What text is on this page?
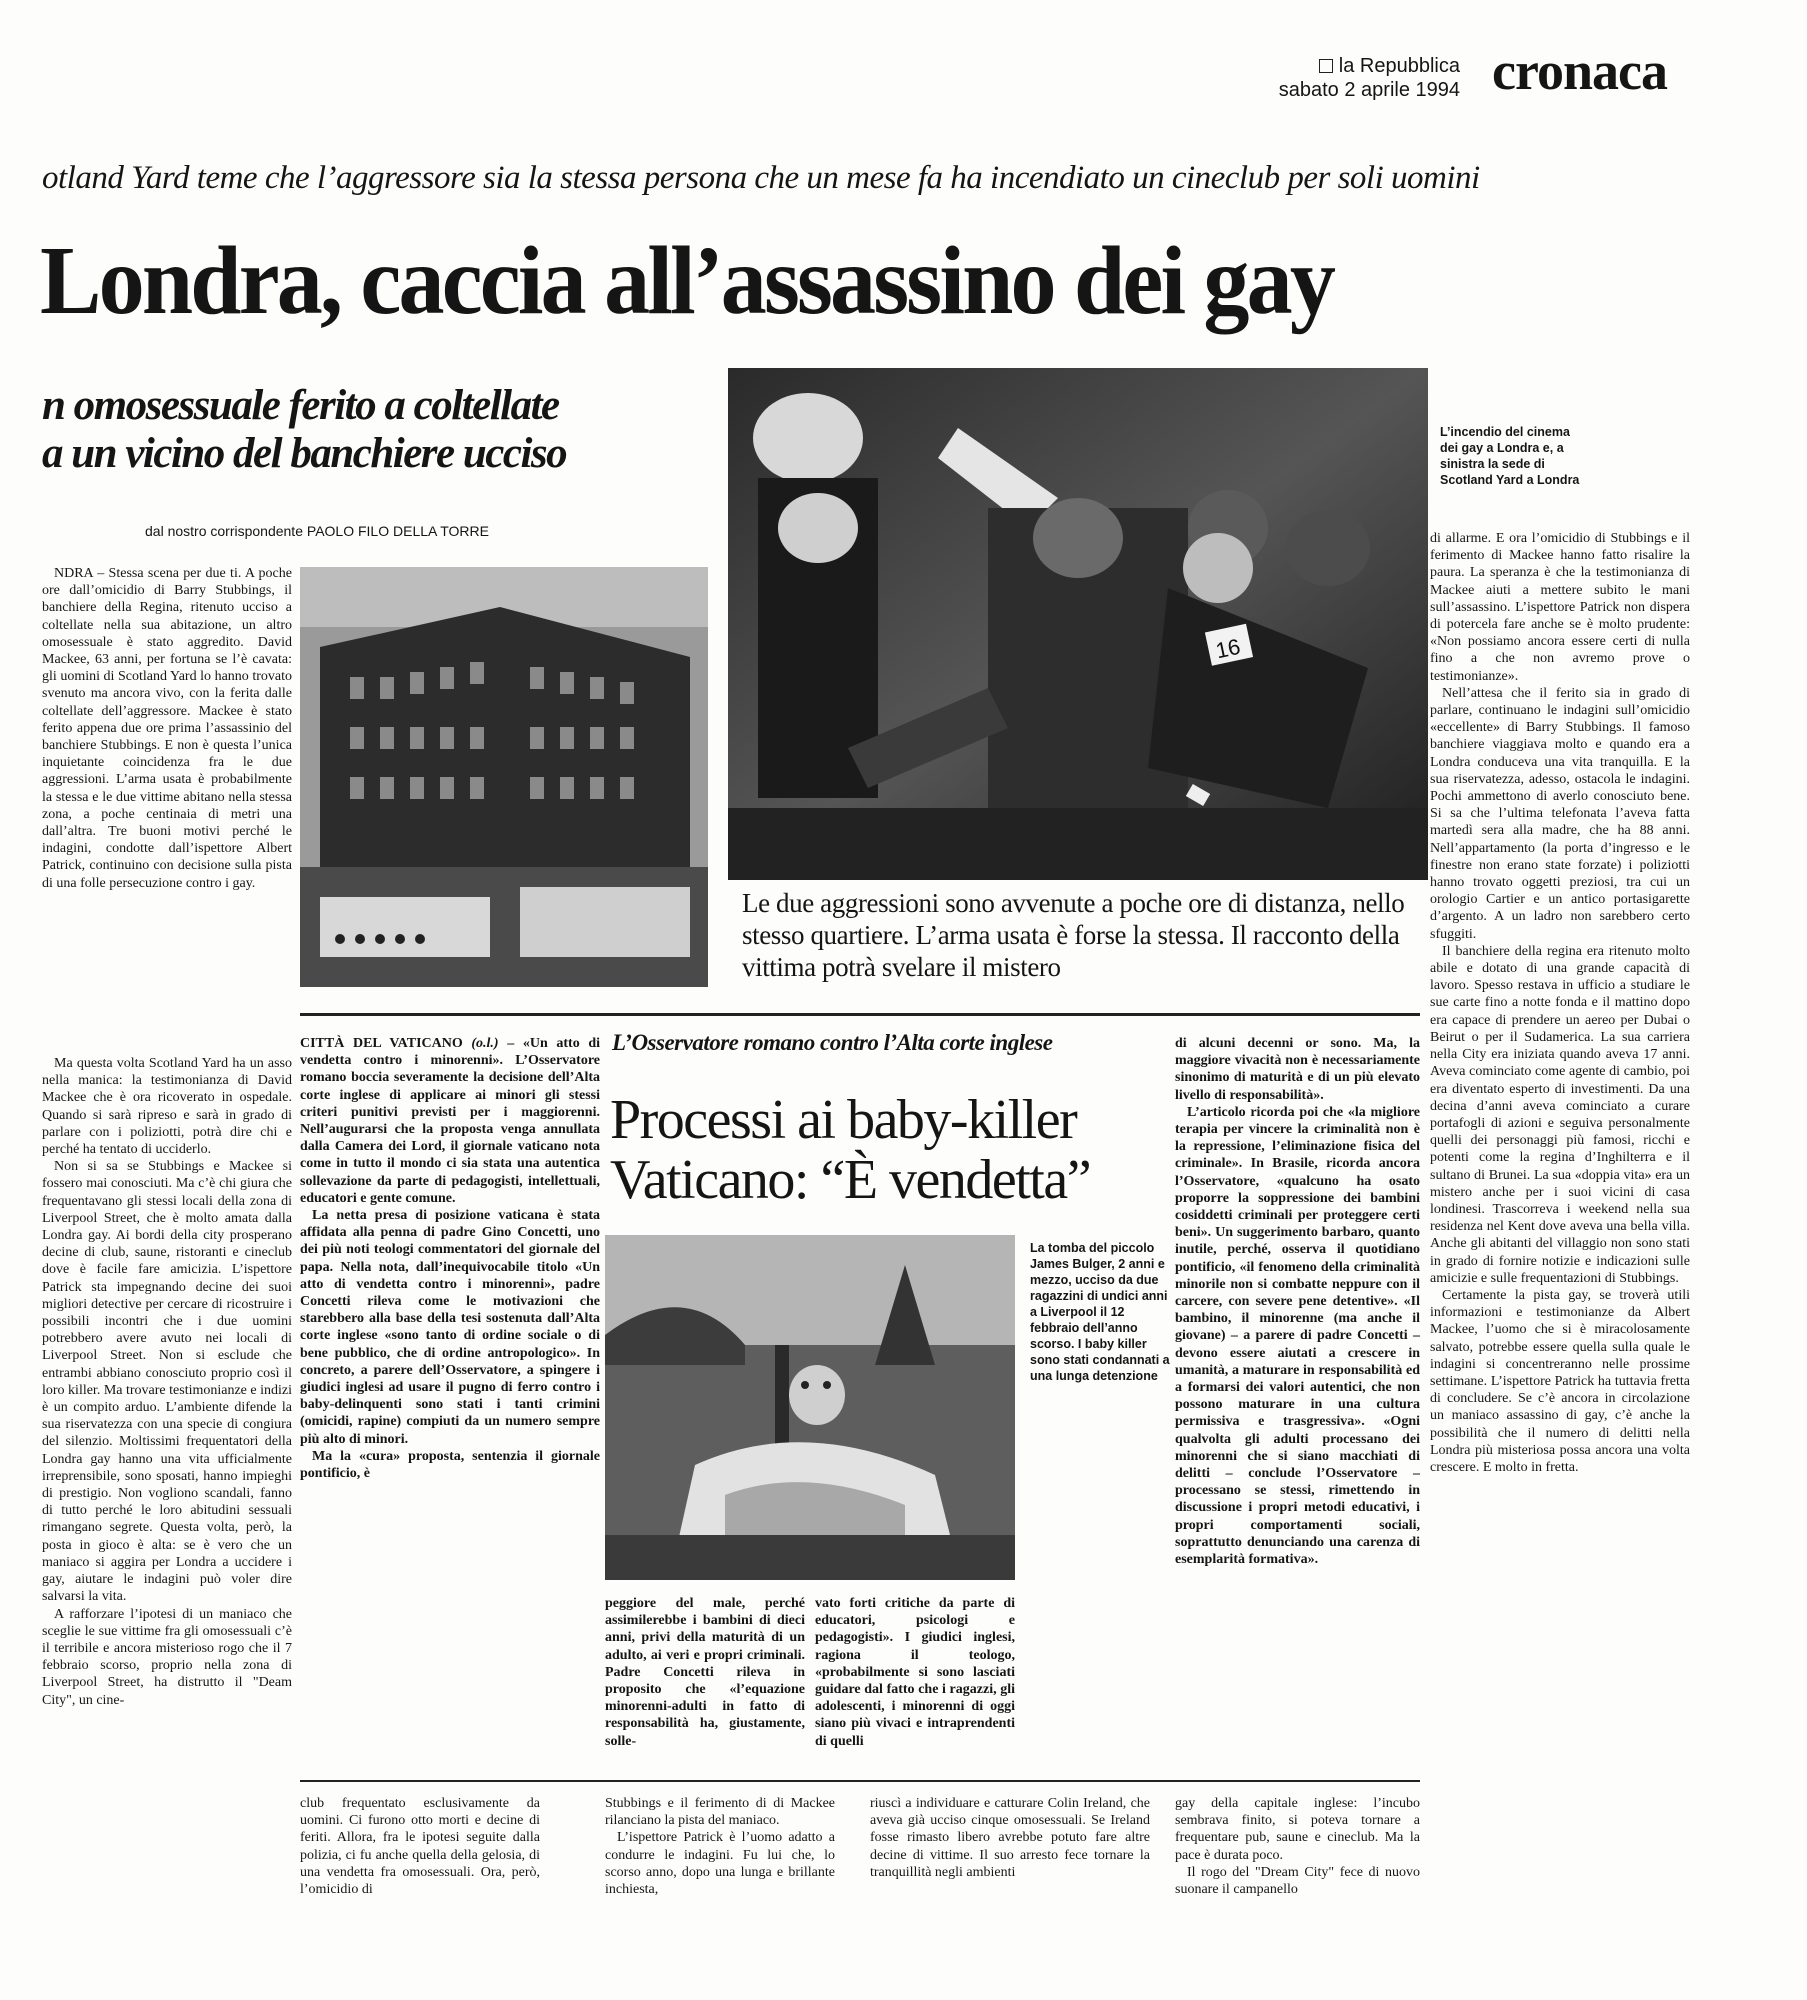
la Repubblica
sabato 2 aprile 1994 cronaca
otland Yard teme che l’aggressore sia la stessa persona che un mese fa ha incendiato un cineclub per soli uomini
Londra, caccia all’assassino dei gay
n omosessuale ferito a coltellate
a un vicino del banchiere ucciso
dal nostro corrispondente PAOLO FILO DELLA TORRE
16
L’incendio del cinema dei gay a Londra e, a sinistra la sede di Scotland Yard a Londra
Le due aggressioni sono avvenute a poche ore di distanza, nello stesso quartiere. L’arma usata è forse la stessa. Il racconto della vittima potrà svelare il mistero

NDRA – Stessa scena per due ti. A poche ore dall’omicidio di Barry Stubbings, il banchiere della Regina, ritenuto ucciso a coltellate nella sua abitazione, un altro omosessuale è stato aggredito. David Mackee, 63 anni, per fortuna se l’è cavata: gli uomini di Scotland Yard lo hanno trovato svenuto ma ancora vivo, con la ferita dalle coltellate dell’aggressore. Mackee è stato ferito appena due ore prima l’assassinio del banchiere Stubbings. E non è questa l’unica inquietante coincidenza fra le due aggressioni. L’arma usata è probabilmente la stessa e le due vittime abitano nella stessa zona, a poche centinaia di metri una dall’altra. Tre buoni motivi perché le indagini, condotte dall’ispettore Albert Patrick, continuino con decisione sulla pista di una folle persecuzione contro i gay.

Ma questa volta Scotland Yard ha un asso nella manica: la testimonianza di David Mackee che è ora ricoverato in ospedale. Quando si sarà ripreso e sarà in grado di parlare con i poliziotti, potrà dire chi e perché ha tentato di ucciderlo.

Non si sa se Stubbings e Mackee si fossero mai conosciuti. Ma c’è chi giura che frequentavano gli stessi locali della zona di Liverpool Street, che è molto amata dalla Londra gay. Ai bordi della city prosperano decine di club, saune, ristoranti e cineclub dove è facile fare amicizia. L’ispettore Patrick sta impegnando decine dei suoi migliori detective per cercare di ricostruire i possibili incontri che i due uomini potrebbero avere avuto nei locali di Liverpool Street. Non si esclude che entrambi abbiano conosciuto proprio così il loro killer. Ma trovare testimonianze e indizi è un compito arduo. L’ambiente difende la sua riservatezza con una specie di congiura del silenzio. Moltissimi frequentatori della Londra gay hanno una vita ufficialmente irreprensibile, sono sposati, hanno impieghi di prestigio. Non vogliono scandali, fanno di tutto perché le loro abitudini sessuali rimangano segrete. Questa volta, però, la posta in gioco è alta: se è vero che un maniaco si aggira per Londra a uccidere i gay, aiutare le indagini può voler dire salvarsi la vita.

A rafforzare l’ipotesi di un maniaco che sceglie le sue vittime fra gli omosessuali c’è il terribile e ancora misterioso rogo che il 7 febbraio scorso, proprio nella zona di Liverpool Street, ha distrutto il "Deam City", un cine-

di allarme. E ora l’omicidio di Stubbings e il ferimento di Mackee hanno fatto risalire la paura. La speranza è che la testimonianza di Mackee aiuti a mettere subito le mani sull’assassino. L’ispettore Patrick non dispera di potercela fare anche se è molto prudente: «Non possiamo ancora essere certi di nulla fino a che non avremo prove o testimonianze».

Nell’attesa che il ferito sia in grado di parlare, continuano le indagini sull’omicidio «eccellente» di Barry Stubbings. Il famoso banchiere viaggiava molto e quando era a Londra conduceva una vita tranquilla. E la sua riservatezza, adesso, ostacola le indagini. Pochi ammettono di averlo conosciuto bene. Si sa che l’ultima telefonata l’aveva fatta martedì sera alla madre, che ha 88 anni. Nell’appartamento (la porta d’ingresso e le finestre non erano state forzate) i poliziotti hanno trovato oggetti preziosi, tra cui un orologio Cartier e un antico portasigarette d’argento. A un ladro non sarebbero certo sfuggiti.

Il banchiere della regina era ritenuto molto abile e dotato di una grande capacità di lavoro. Spesso restava in ufficio a studiare le sue carte fino a notte fonda e il mattino dopo era capace di prendere un aereo per Dubai o Beirut o per il Sudamerica. La sua carriera nella City era iniziata quando aveva 17 anni. Aveva cominciato come agente di cambio, poi era diventato esperto di investimenti. Da una decina d’anni aveva cominciato a curare portafogli di azioni e seguiva personalmente quelli dei personaggi più famosi, ricchi e potenti come la regina d’Inghilterra e il sultano di Brunei. La sua «doppia vita» era un mistero anche per i suoi vicini di casa londinesi. Trascorreva i weekend nella sua residenza nel Kent dove aveva una bella villa. Anche gli abitanti del villaggio non sono stati in grado di fornire notizie e indicazioni sulle amicizie e sulle frequentazioni di Stubbings.

Certamente la pista gay, se troverà utili informazioni e testimonianze da Albert Mackee, l’uomo che si è miracolosamente salvato, potrebbe essere quella sulla quale le indagini si concentreranno nelle prossime settimane. L’ispettore Patrick ha tuttavia fretta di concludere. Se c’è ancora in circolazione un maniaco assassino di gay, c’è anche la possibilità che il numero di delitti nella Londra più misteriosa possa ancora una volta crescere. E molto in fretta.

L’Osservatore romano contro l’Alta corte inglese
Processi ai baby-killer
Vaticano: “È vendetta”

CITTÀ DEL VATICANO (o.l.) – «Un atto di vendetta contro i minorenni». L’Osservatore romano boccia severamente la decisione dell’Alta corte inglese di applicare ai minori gli stessi criteri punitivi previsti per i maggiorenni. Nell’augurarsi che la proposta venga annullata dalla Camera dei Lord, il giornale vaticano nota come in tutto il mondo ci sia stata una autentica sollevazione da parte di pedagogisti, intellettuali, educatori e gente comune.

La netta presa di posizione vaticana è stata affidata alla penna di padre Gino Concetti, uno dei più noti teologi commentatori del giornale del papa. Nella nota, dall’inequivocabile titolo «Un atto di vendetta contro i minorenni», padre Concetti rileva come le motivazioni che starebbero alla base della tesi sostenuta dall’Alta corte inglese «sono tanto di ordine sociale o di bene pubblico, che di ordine antropologico». In concreto, a parere dell’Osservatore, a spingere i giudici inglesi ad usare il pugno di ferro contro i baby-delinquenti sono stati i tanti crimini (omicidi, rapine) compiuti da un numero sempre più alto di minori.

Ma la «cura» proposta, sentenzia il giornale pontificio, è

La tomba del piccolo James Bulger, 2 anni e mezzo, ucciso da due ragazzini di undici anni a Liverpool il 12 febbraio dell’anno scorso. I baby killer sono stati condannati a una lunga detenzione

peggiore del male, perché assimilerebbe i bambini di dieci anni, privi della maturità di un adulto, ai veri e propri criminali. Padre Concetti rileva in proposito che «l’equazione minorenni-adulti in fatto di responsabilità ha, giustamente, solle-

vato forti critiche da parte di educatori, psicologi e pedagogisti». I giudici inglesi, ragiona il teologo, «probabilmente si sono lasciati guidare dal fatto che i ragazzi, gli adolescenti, i minorenni di oggi siano più vivaci e intraprendenti di quelli

di alcuni decenni or sono. Ma, la maggiore vivacità non è necessariamente sinonimo di maturità e di un più elevato livello di responsabilità».

L’articolo ricorda poi che «la migliore terapia per vincere la criminalità non è la repressione, l’eliminazione fisica del criminale». In Brasile, ricorda ancora l’Osservatore, «qualcuno ha osato proporre la soppressione dei bambini cosiddetti criminali per proteggere certi beni». Un suggerimento barbaro, quanto inutile, perché, osserva il quotidiano pontificio, «il fenomeno della criminalità minorile non si combatte neppure con il carcere, con severe pene detentive». «Il bambino, il minorenne (ma anche il giovane) – a parere di padre Concetti – devono essere aiutati a crescere in umanità, a maturare in responsabilità ed a formarsi dei valori autentici, che non possono maturare in una cultura permissiva e trasgressiva». «Ogni qualvolta gli adulti processano dei minorenni che si siano macchiati di delitti – conclude l’Osservatore – processano se stessi, rimettendo in discussione i propri metodi educativi, i propri comportamenti sociali, soprattutto denunciando una carenza di esemplarità formativa».

club frequentato esclusivamente da uomini. Ci furono otto morti e decine di feriti. Allora, fra le ipotesi seguite dalla polizia, ci fu anche quella della gelosia, di una vendetta fra omosessuali. Ora, però, l’omicidio di

Stubbings e il ferimento di di Mackee rilanciano la pista del maniaco.

L’ispettore Patrick è l’uomo adatto a condurre le indagini. Fu lui che, lo scorso anno, dopo una lunga e brillante inchiesta,

riuscì a individuare e catturare Colin Ireland, che aveva già ucciso cinque omosessuali. Se Ireland fosse rimasto libero avrebbe potuto fare altre decine di vittime. Il suo arresto fece tornare la tranquillità negli ambienti

gay della capitale inglese: l’incubo sembrava finito, si poteva tornare a frequentare pub, saune e cineclub. Ma la pace è durata poco.

Il rogo del "Dream City" fece di nuovo suonare il campanello
